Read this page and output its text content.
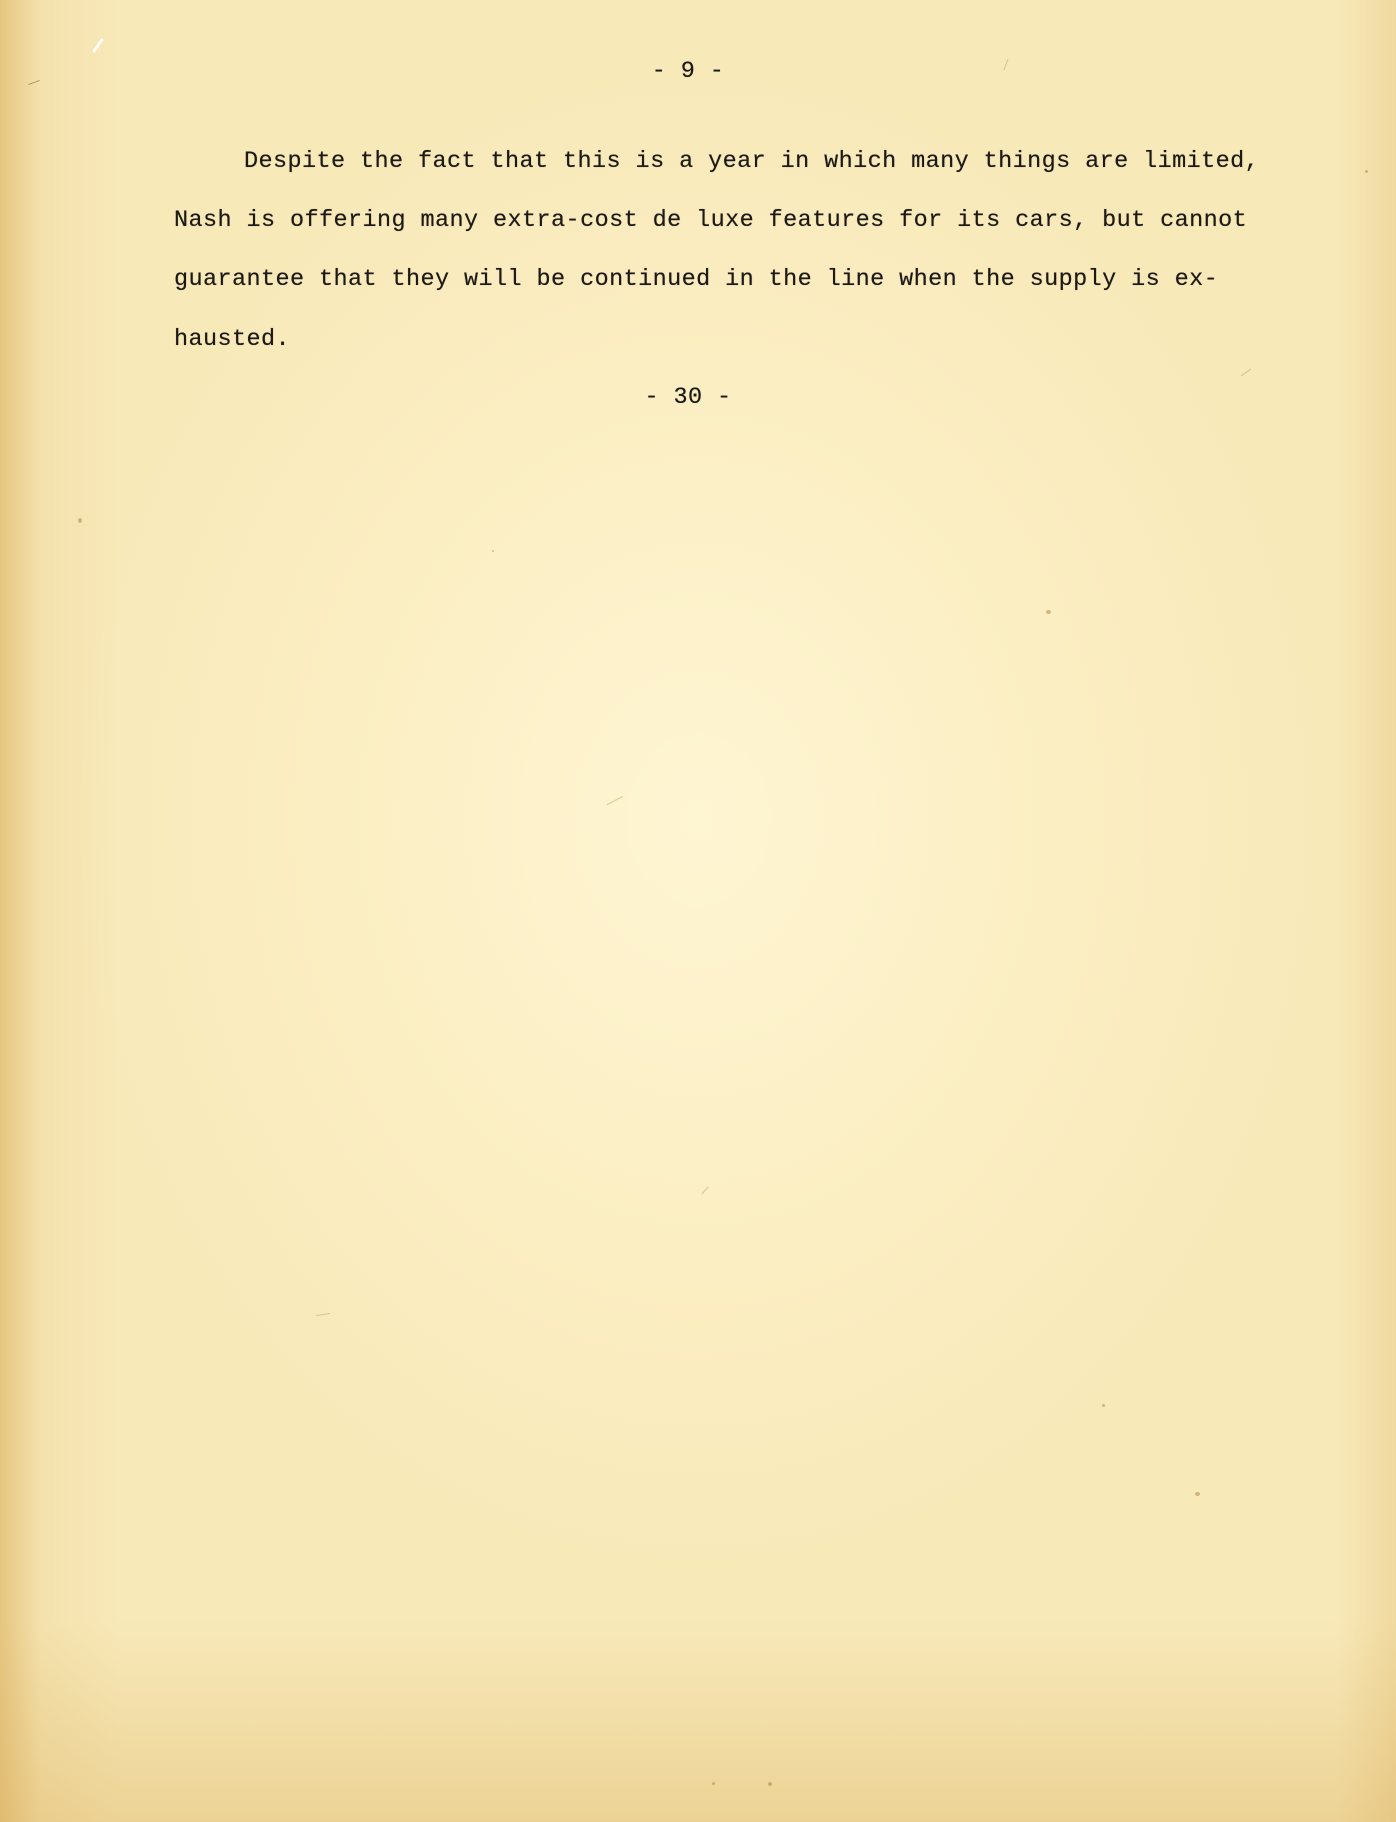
- 9 -
Despite the fact that this is a year in which many things are limited,
Nash is offering many extra-cost de luxe features for its cars, but cannot
guarantee that they will be continued in the line when the supply is ex-
hausted.
- 30 -
